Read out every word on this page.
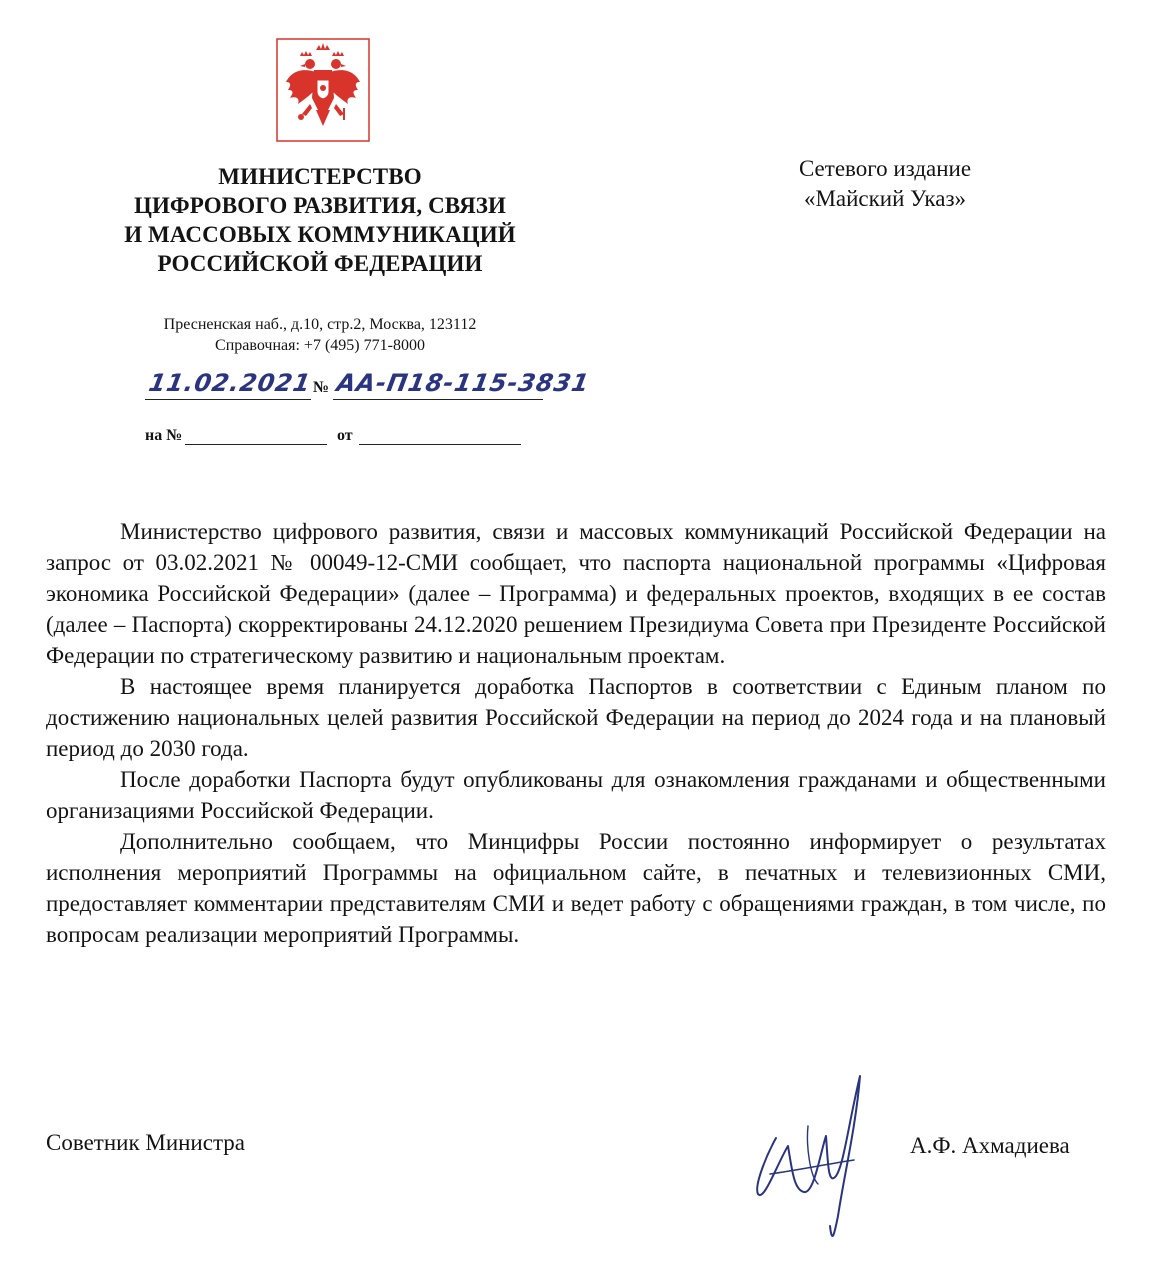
МИНИСТЕРСТВО
ЦИФРОВОГО РАЗВИТИЯ, СВЯЗИ
И МАССОВЫХ КОММУНИКАЦИЙ
РОССИЙСКОЙ ФЕДЕРАЦИИ
Сетевого издание
«Майский Указ»
Пресненская наб., д.10, стр.2, Москва, 123112
Справочная: +7 (495) 771-8000
11.02.2021 № АА-П18-115-3831
на №	от

Министерство цифрового развития, связи и массовых коммуникаций Российской Федерации на запрос от 03.02.2021 № 00049-12-СМИ сообщает, что паспорта национальной программы «Цифровая экономика Российской Федерации» (далее – Программа) и федеральных проектов, входящих в ее состав (далее – Паспорта) скорректированы 24.12.2020 решением Президиума Совета при Президенте Российской Федерации по стратегическому развитию и национальным проектам.

В настоящее время планируется доработка Паспортов в соответствии с Единым планом по достижению национальных целей развития Российской Федерации на период до 2024 года и на плановый период до 2030 года.

После доработки Паспорта будут опубликованы для ознакомления гражданами и общественными организациями Российской Федерации.

Дополнительно сообщаем, что Минцифры России постоянно информирует о результатах исполнения мероприятий Программы на официальном сайте, в печатных и телевизионных СМИ, предоставляет комментарии представителям СМИ и ведет работу с обращениями граждан, в том числе, по вопросам реализации мероприятий Программы.

Советник Министра	А.Ф. Ахмадиева
